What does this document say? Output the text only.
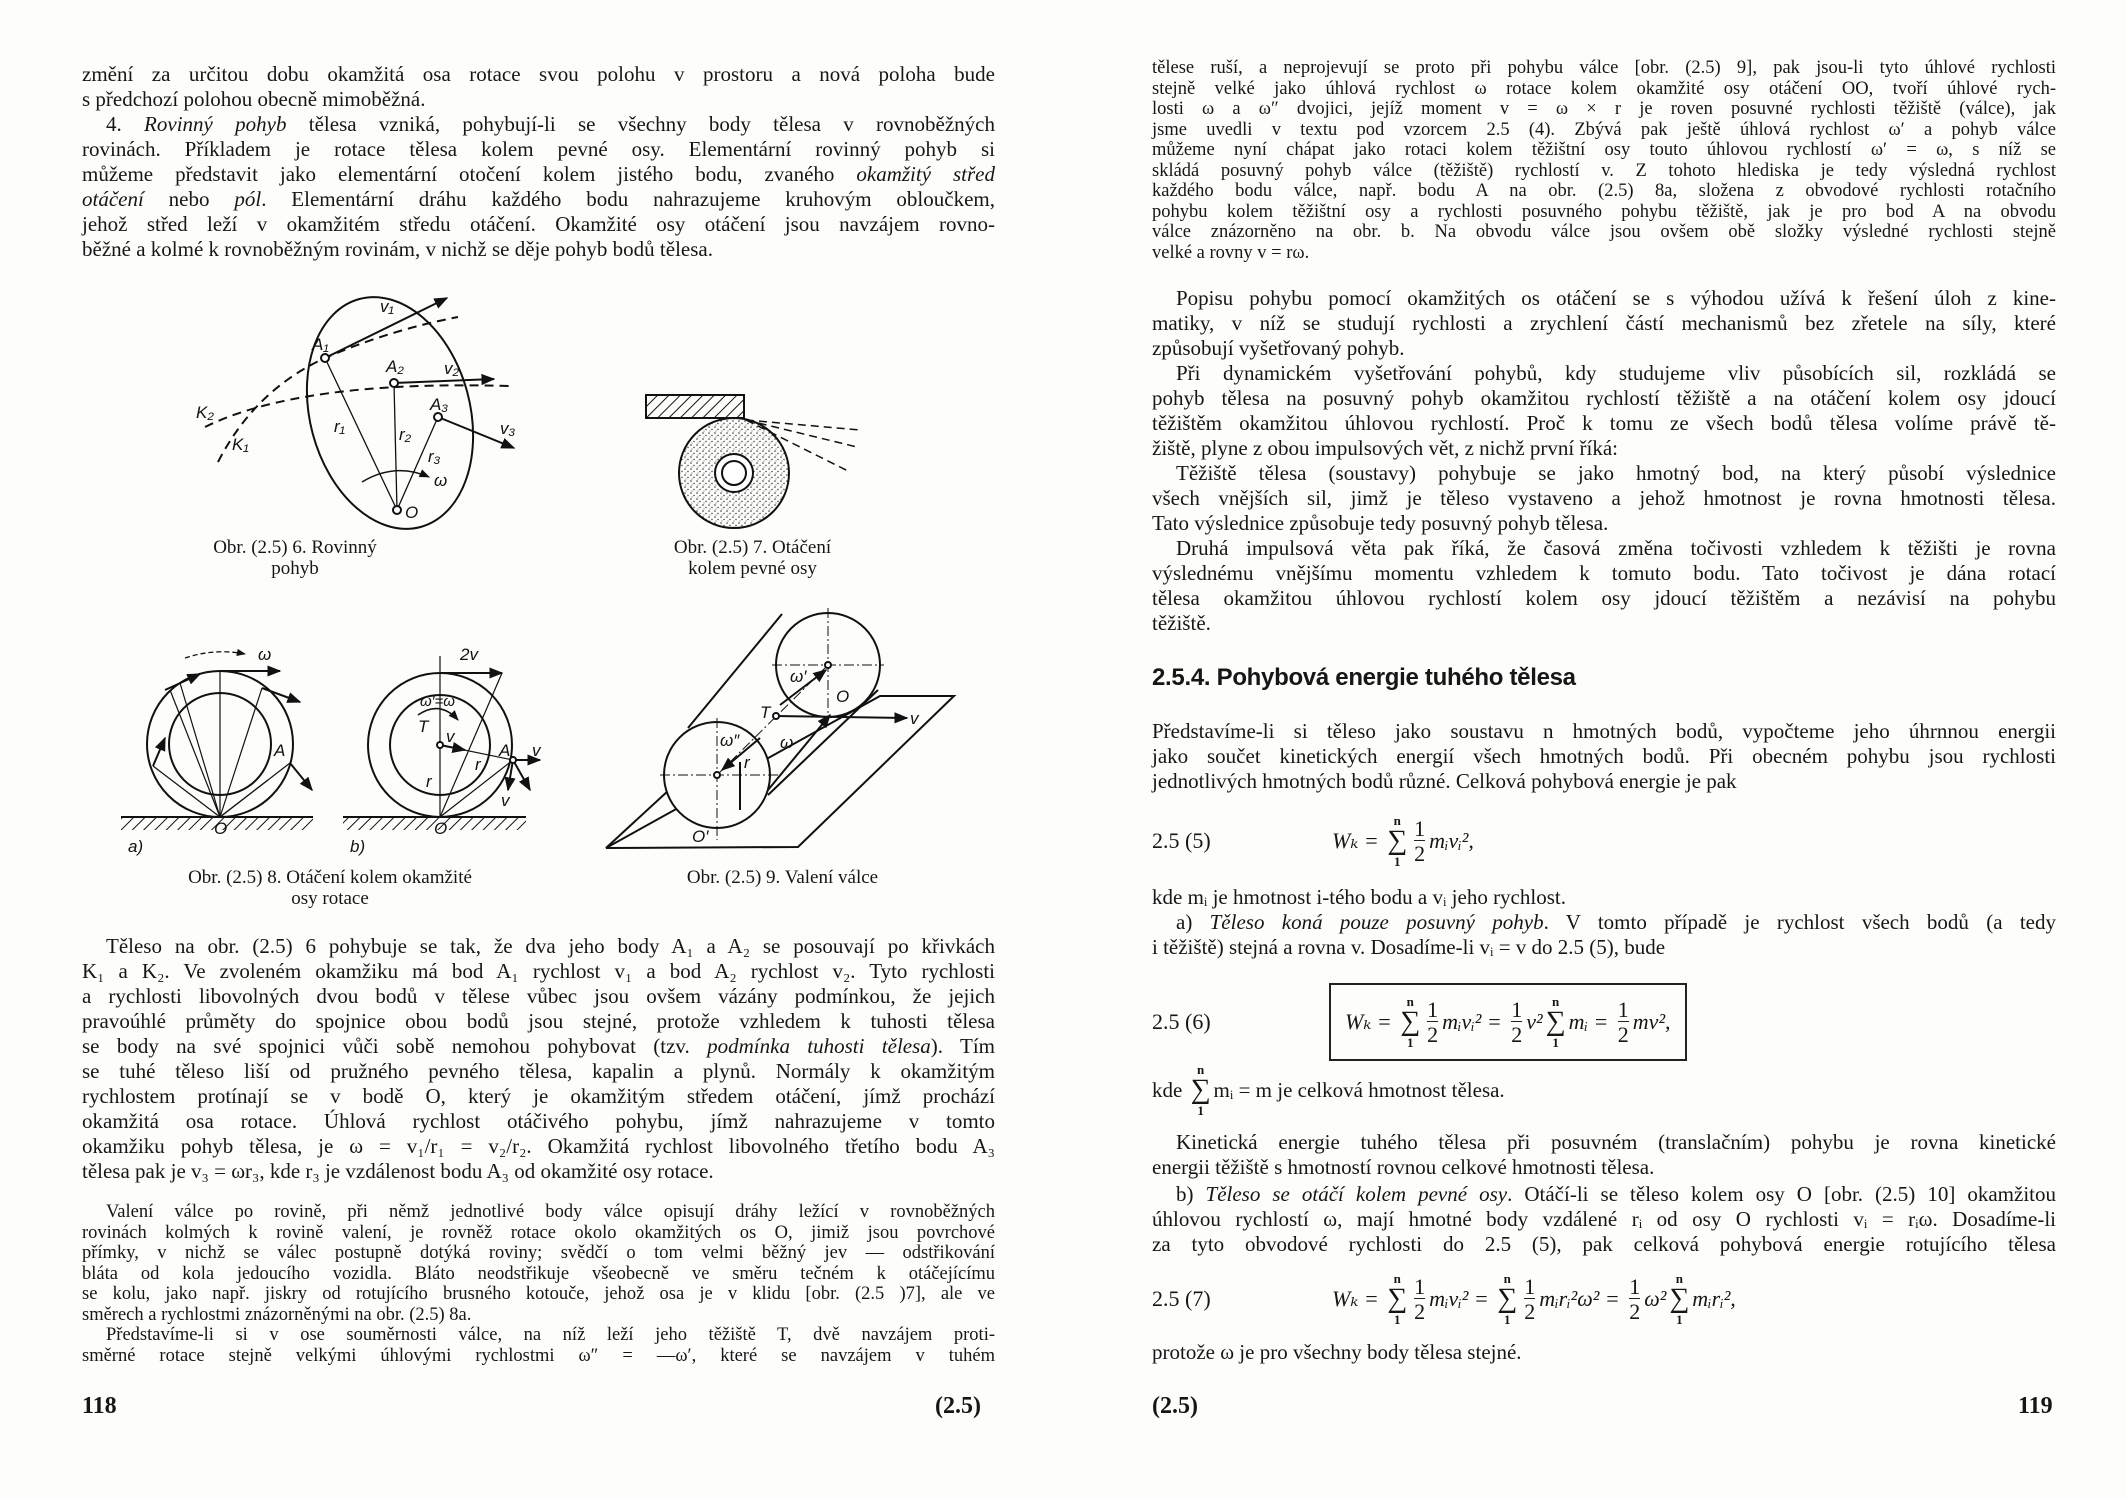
změní za určitou dobu okamžitá osa rotace svou polohu v prostoru a nová poloha bude
s předchozí polohou obecně mimoběžná.
4. Rovinný pohyb tělesa vzniká, pohybují-li se všechny body tělesa v rovnoběžných
rovinách. Příkladem je rotace tělesa kolem pevné osy. Elementární rovinný pohyb si
můžeme představit jako elementární otočení kolem jistého bodu, zvaného okamžitý střed
otáčení nebo pól. Elementární dráhu každého bodu nahrazujeme kruhovým obloučkem,
jehož střed leží v okamžitém středu otáčení. Okamžité osy otáčení jsou navzájem rovno-
běžné a kolmé k rovnoběžným rovinám, v nichž se děje pohyb bodů tělesa.
v₁
A₁
A₂ v₂
A₃
v₃
K₂
K₁
r₁	r₂
r₃
ω
O
ω
A
O
a)
2v
ω′=ω
T
v
A v
v
r
r
O
b)
ω′
O
T	v
ω″ ω
r
O′
Obr. (2.5) 6. Rovinný pohyb
Obr. (2.5) 7. Otáčení
kolem pevné osy
Obr. (2.5) 8. Otáčení kolem okamžité
osy rotace
Obr. (2.5) 9. Valení válce
Těleso na obr. (2.5) 6 pohybuje se tak, že dva jeho body A₁ a A₂ se posouvají po křivkách
K₁ a K₂. Ve zvoleném okamžiku má bod A₁ rychlost v₁ a bod A₂ rychlost v₂. Tyto rychlosti
a rychlosti libovolných dvou bodů v tělese vůbec jsou ovšem vázány podmínkou, že jejich
pravoúhlé průměty do spojnice obou bodů jsou stejné, protože vzhledem k tuhosti tělesa
se body na své spojnici vůči sobě nemohou pohybovat (tzv. podmínka tuhosti tělesa). Tím
se tuhé těleso liší od pružného pevného tělesa, kapalin a plynů. Normály k okamžitým
rychlostem protínají se v bodě O, který je okamžitým středem otáčení, jímž prochází
okamžitá osa rotace. Úhlová rychlost otáčivého pohybu, jímž nahrazujeme v tomto
okamžiku pohyb tělesa, je ω = v₁/r₁ = v₂/r₂. Okamžitá rychlost libovolného třetího bodu A₃
tělesa pak je v₃ = ωr₃, kde r₃ je vzdálenost bodu A₃ od okamžité osy rotace.
Valení válce po rovině, při němž jednotlivé body válce opisují dráhy ležící v rovnoběžných
rovinách kolmých k rovině valení, je rovněž rotace okolo okamžitých os O, jimiž jsou povrchové
přímky, v nichž se válec postupně dotýká roviny; svědčí o tom velmi běžný jev — odstřikování
bláta od kola jedoucího vozidla. Bláto neodstřikuje všeobecně ve směru tečném k otáčejícímu
se kolu, jako např. jiskry od rotujícího brusného kotouče, jehož osa je v klidu [obr. (2.5 )7], ale ve
směrech a rychlostmi znázorněnými na obr. (2.5) 8a.
Představíme-li si v ose souměrnosti válce, na níž leží jeho těžiště T, dvě navzájem proti-
směrné rotace stejně velkými úhlovými rychlostmi ω″ = —ω′, které se navzájem v tuhém
118	(2.5)
tělese ruší, a neprojevují se proto při pohybu válce [obr. (2.5) 9], pak jsou-li tyto úhlové rychlosti
stejně velké jako úhlová rychlost ω rotace kolem okamžité osy otáčení OO, tvoří úhlové rych-
losti ω a ω″ dvojici, jejíž moment v = ω × r je roven posuvné rychlosti těžiště (válce), jak
jsme uvedli v textu pod vzorcem 2.5 (4). Zbývá pak ještě úhlová rychlost ω′ a pohyb válce
můžeme nyní chápat jako rotaci kolem těžištní osy touto úhlovou rychlostí ω′ = ω, s níž se
skládá posuvný pohyb válce (těžiště) rychlostí v. Z tohoto hlediska je tedy výsledná rychlost
každého bodu válce, např. bodu A na obr. (2.5) 8a, složena z obvodové rychlosti rotačního
pohybu kolem těžištní osy a rychlosti posuvného pohybu těžiště, jak je pro bod A na obvodu
válce znázorněno na obr. b. Na obvodu válce jsou ovšem obě složky výsledné rychlosti stejně
velké a rovny v = rω.
Popisu pohybu pomocí okamžitých os otáčení se s výhodou užívá k řešení úloh z kine-
matiky, v níž se studují rychlosti a zrychlení částí mechanismů bez zřetele na síly, které
způsobují vyšetřovaný pohyb.
Při dynamickém vyšetřování pohybů, kdy studujeme vliv působících sil, rozkládá se
pohyb tělesa na posuvný pohyb okamžitou rychlostí těžiště a na otáčení kolem osy jdoucí
těžištěm okamžitou úhlovou rychlostí. Proč k tomu ze všech bodů tělesa volíme právě tě-
žiště, plyne z obou impulsových vět, z nichž první říká:
Těžiště tělesa (soustavy) pohybuje se jako hmotný bod, na který působí výslednice
všech vnějších sil, jimž je těleso vystaveno a jehož hmotnost je rovna hmotnosti tělesa.
Tato výslednice způsobuje tedy posuvný pohyb tělesa.
Druhá impulsová věta pak říká, že časová změna točivosti vzhledem k těžišti je rovna
výslednému vnějšímu momentu vzhledem k tomuto bodu. Tato točivost je dána rotací
tělesa okamžitou úhlovou rychlostí kolem osy jdoucí těžištěm a nezávisí na pohybu
těžiště.
2.5.4. Pohybová energie tuhého tělesa
Představíme-li si těleso jako soustavu n hmotných bodů, vypočteme jeho úhrnnou energii
jako součet kinetických energií všech hmotných bodů. Při obecném pohybu jsou rychlosti
jednotlivých hmotných bodů různé. Celková pohybová energie je pak
2.5 (5)	Wₖ =
n
∑
$1 \frac{1}{2}$ mᵢvᵢ²,
kde mᵢ je hmotnost i-tého bodu a vᵢ jeho rychlost.
a) Těleso koná pouze posuvný pohyb. V tomto případě je rychlost všech bodů (a tedy
i těžiště) stejná a rovna v. Dosadíme-li vᵢ = v do 2.5 (5), bude
2.5 (6)	Wₖ =
n
∑
$1 \frac{1}{2}$ mᵢvᵢ² = $\frac{1}{2} v^2$
n
∑
1
mᵢ = $\frac{1}{2} mv^2$,
kde
n
∑
1
mᵢ = m je celková hmotnost tělesa.
Kinetická energie tuhého tělesa při posuvném (translačním) pohybu je rovna kinetické
energii těžiště s hmotností rovnou celkové hmotnosti tělesa.
b) Těleso se otáčí kolem pevné osy. Otáčí-li se těleso kolem osy O [obr. (2.5) 10] okamžitou
úhlovou rychlostí ω, mají hmotné body vzdálené rᵢ od osy O rychlosti vᵢ = rᵢω. Dosadíme-li
za tyto obvodové rychlosti do 2.5 (5), pak celková pohybová energie rotujícího tělesa
2.5 (7)	Wₖ =
n
∑
$1 \frac{1}{2}$ mᵢvᵢ² =
n
∑
$1 \frac{1}{2}$ mᵢrᵢ²ω² = $\frac{1}{2} \omega^2$
n
∑
1
mᵢrᵢ²,
protože ω je pro všechny body tělesa stejné.
(2.5)	119
